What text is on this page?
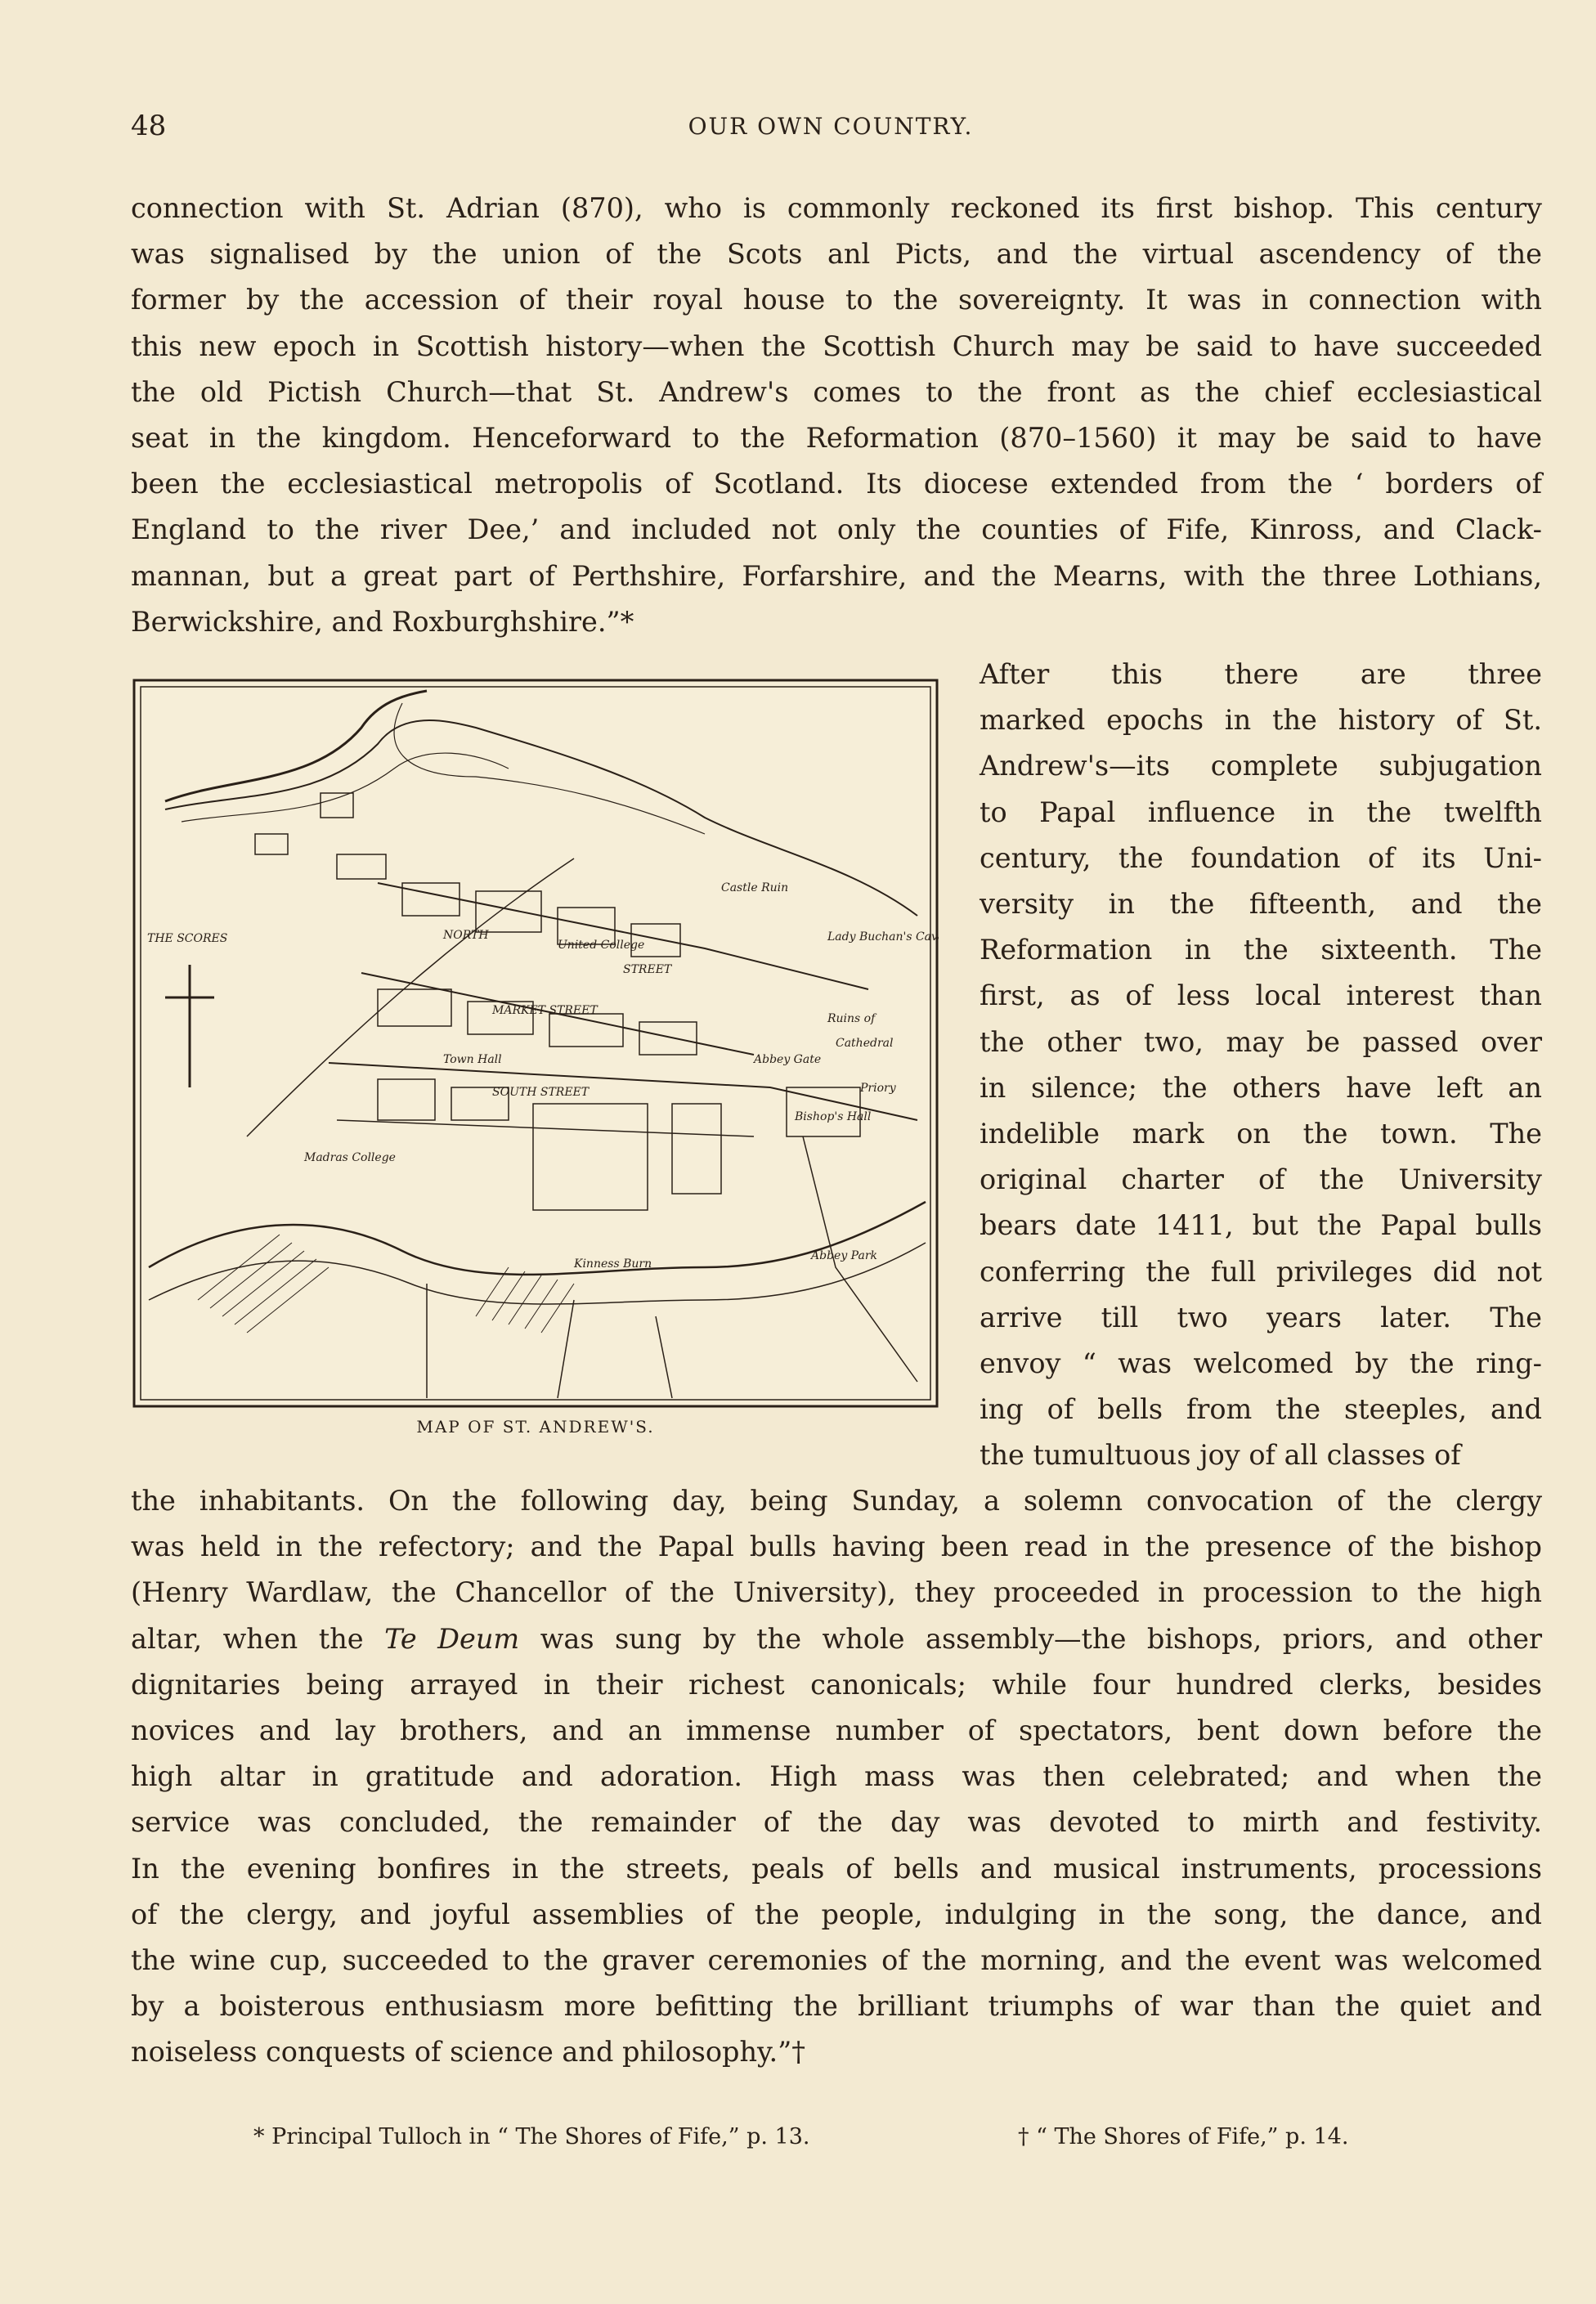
48	OUR OWN COUNTRY.
connection with St. Adrian (870), who is commonly reckoned its first bishop. This century
was signalised by the union of the Scots anl Picts, and the virtual ascendency of the
former by the accession of their royal house to the sovereignty. It was in connection with
this new epoch in Scottish history—when the Scottish Church may be said to have succeeded
the old Pictish Church—that St. Andrew's comes to the front as the chief ecclesiastical
seat in the kingdom. Henceforward to the Reformation (870–1560) it may be said to have
been the ecclesiastical metropolis of Scotland. Its diocese extended from the ‘ borders of
England to the river Dee,’ and included not only the counties of Fife, Kinross, and Clack-
mannan, but a great part of Perthshire, Forfarshire, and the Mearns, with the three Lothians,
Berwickshire, and Roxburghshire.”*
After this there are three
marked epochs in the history of St.
Andrew's—its complete subjugation
to Papal influence in the twelfth
century, the foundation of its Uni-
versity in the fifteenth, and the
Reformation in the sixteenth. The
first, as of less local interest than
the other two, may be passed over
in silence; the others have left an
indelible mark on the town. The
original charter of the University
bears date 1411, but the Papal bulls
conferring the full privileges did not
arrive till two years later. The
envoy “ was welcomed by the ring-
ing of bells from the steeples, and
the tumultuous joy of all classes of
the inhabitants. On the following day, being Sunday, a solemn convocation of the clergy
was held in the refectory; and the Papal bulls having been read in the presence of the bishop
(Henry Wardlaw, the Chancellor of the University), they proceeded in procession to the high
altar, when the Te Deum was sung by the whole assembly—the bishops, priors, and other
dignitaries being arrayed in their richest canonicals; while four hundred clerks, besides
novices and lay brothers, and an immense number of spectators, bent down before the
high altar in gratitude and adoration. High mass was then celebrated; and when the
service was concluded, the remainder of the day was devoted to mirth and festivity.
In the evening bonfires in the streets, peals of bells and musical instruments, processions
of the clergy, and joyful assemblies of the people, indulging in the song, the dance, and
the wine cup, succeeded to the graver ceremonies of the morning, and the event was welcomed
by a boisterous enthusiasm more befitting the brilliant triumphs of war than the quiet and
noiseless conquests of science and philosophy.”†
THE SCORES	NORTH
STREET
MARKET STREET
SOUTH STREET
Castle Ruin
Lady Buchan's Cave
United College
Town Hall
Madras College
Kinness Burn
Abbey Park
Bishop's Hall
Priory
Cathedral
Abbey Gate
Ruins of
MAP OF ST. ANDREW'S.
* Principal Tulloch in “ The Shores of Fife,” p. 13.	† “ The Shores of Fife,” p. 14.
